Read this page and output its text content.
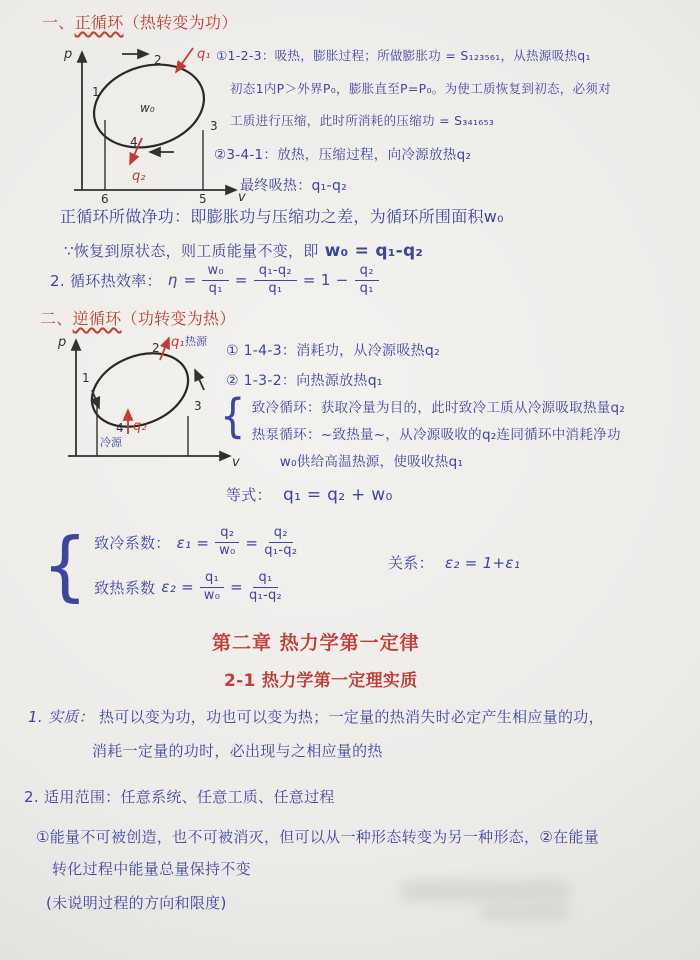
一、正循环（热转变为功）
p
v
6	5
1
2
3
4
w₀
q₁
q₂
①1-2-3：吸热，膨胀过程；所做膨胀功 = S₁₂₃₅₆₁，从热源吸热q₁
初态1内P＞外界P₀，膨胀直至P=P₀。为使工质恢复到初态，必须对
工质进行压缩，此时所消耗的压缩功 = S₃₄₁₆₅₃
②3-4-1：放热，压缩过程，向冷源放热q₂
最终吸热：q₁-q₂
正循环所做净功：即膨胀功与压缩功之差，为循环所围面积w₀
∵恢复到原状态，则工质能量不变，即 w₀ = q₁-q₂
2. 循环热效率： $\eta = \frac{\text{w₀}}{\text{q₁}} = \frac{\text{q₁-q₂}}{\text{q₁}} = 1 - \frac{\text{q₂}}{\text{q₁}}$
二、逆循环（功转变为热）
p
v
1
2
3
4
q₁ 热源
q₂
冷源
① 1-4-3：消耗功，从冷源吸热q₂
② 1-3-2：向热源放热q₁
{ 致冷循环：获取冷量为目的，此时致冷工质从冷源吸取热量q₂
热泵循环：~致热量~，从冷源吸收的q₂连同循环中消耗净功
w₀供给高温热源，使吸收热q₁
等式： q₁ = q₂ + w₀
{ 致冷系数： $\varepsilon_1 = \frac{\text{q₂}}{\text{w₀}} = \frac{\text{q₂}}{\text{q₁-q₂}}$
致热系数 $\varepsilon_2 = \frac{\text{q₁}}{\text{w₀}} = \frac{\text{q₁}}{\text{q₁-q₂}}$
关系： ε₂ = 1+ε₁
第二章 热力学第一定律
2-1 热力学第一定理实质
1. 实质： 热可以变为功，功也可以变为热；一定量的热消失时必定产生相应量的功，
消耗一定量的功时，必出现与之相应量的热
2. 适用范围：任意系统、任意工质、任意过程
①能量不可被创造，也不可被消灭，但可以从一种形态转变为另一种形态，②在能量
转化过程中能量总量保持不变
(未说明过程的方向和限度)
